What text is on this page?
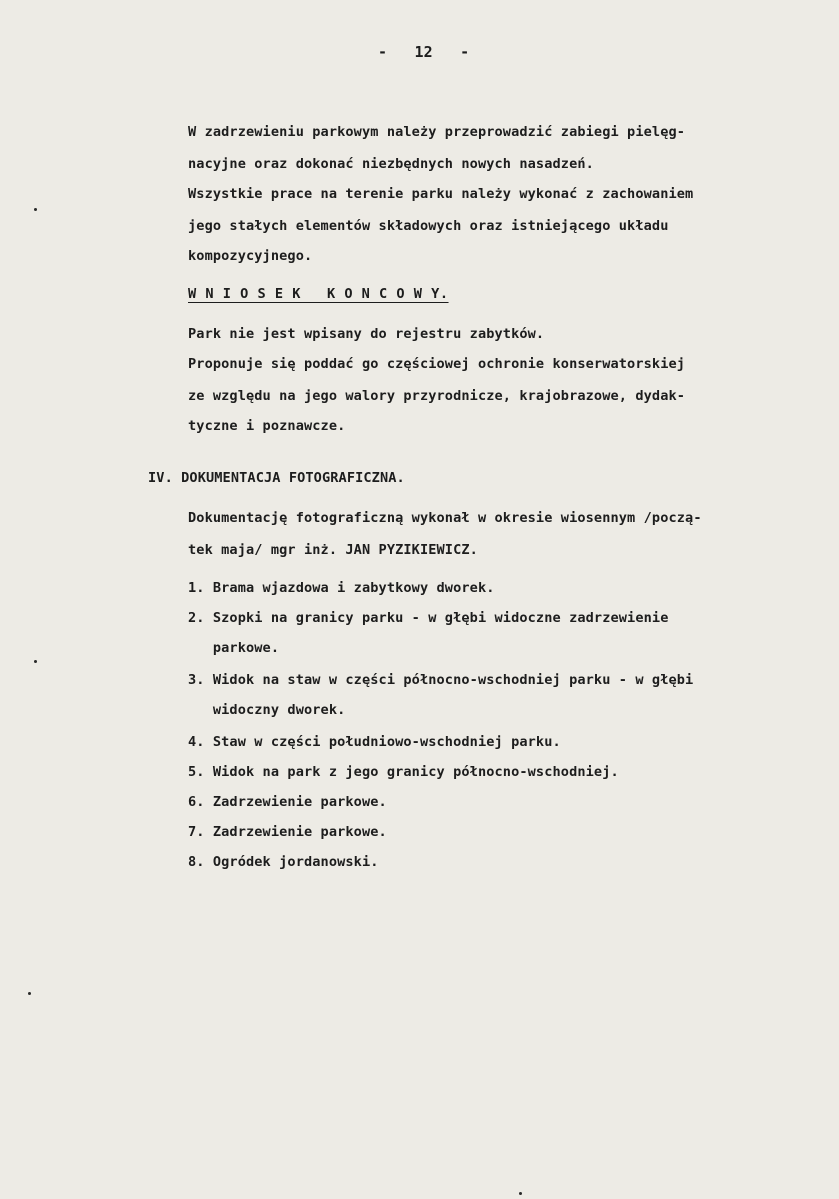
-   12   -
W zadrzewieniu parkowym należy przeprowadzić zabiegi pielęg-
nacyjne oraz dokonać niezbędnych nowych nasadzeń.
Wszystkie prace na terenie parku należy wykonać z zachowaniem
jego stałych elementów składowych oraz istniejącego układu
kompozycyjnego.
W N I O S E K   K O N C O W Y.
Park nie jest wpisany do rejestru zabytków.
Proponuje się poddać go częściowej ochronie konserwatorskiej
ze względu na jego walory przyrodnicze, krajobrazowe, dydak-
tyczne i poznawcze.
IV. DOKUMENTACJA FOTOGRAFICZNA.
Dokumentację fotograficzną wykonał w okresie wiosennym /począ-
tek maja/ mgr inż. JAN PYZIKIEWICZ.
1. Brama wjazdowa i zabytkowy dworek.
2. Szopki na granicy parku - w głębi widoczne zadrzewienie
parkowe.
3. Widok na staw w części północno-wschodniej parku - w głębi
widoczny dworek.
4. Staw w części południowo-wschodniej parku.
5. Widok na park z jego granicy północno-wschodniej.
6. Zadrzewienie parkowe.
7. Zadrzewienie parkowe.
8. Ogródek jordanowski.
